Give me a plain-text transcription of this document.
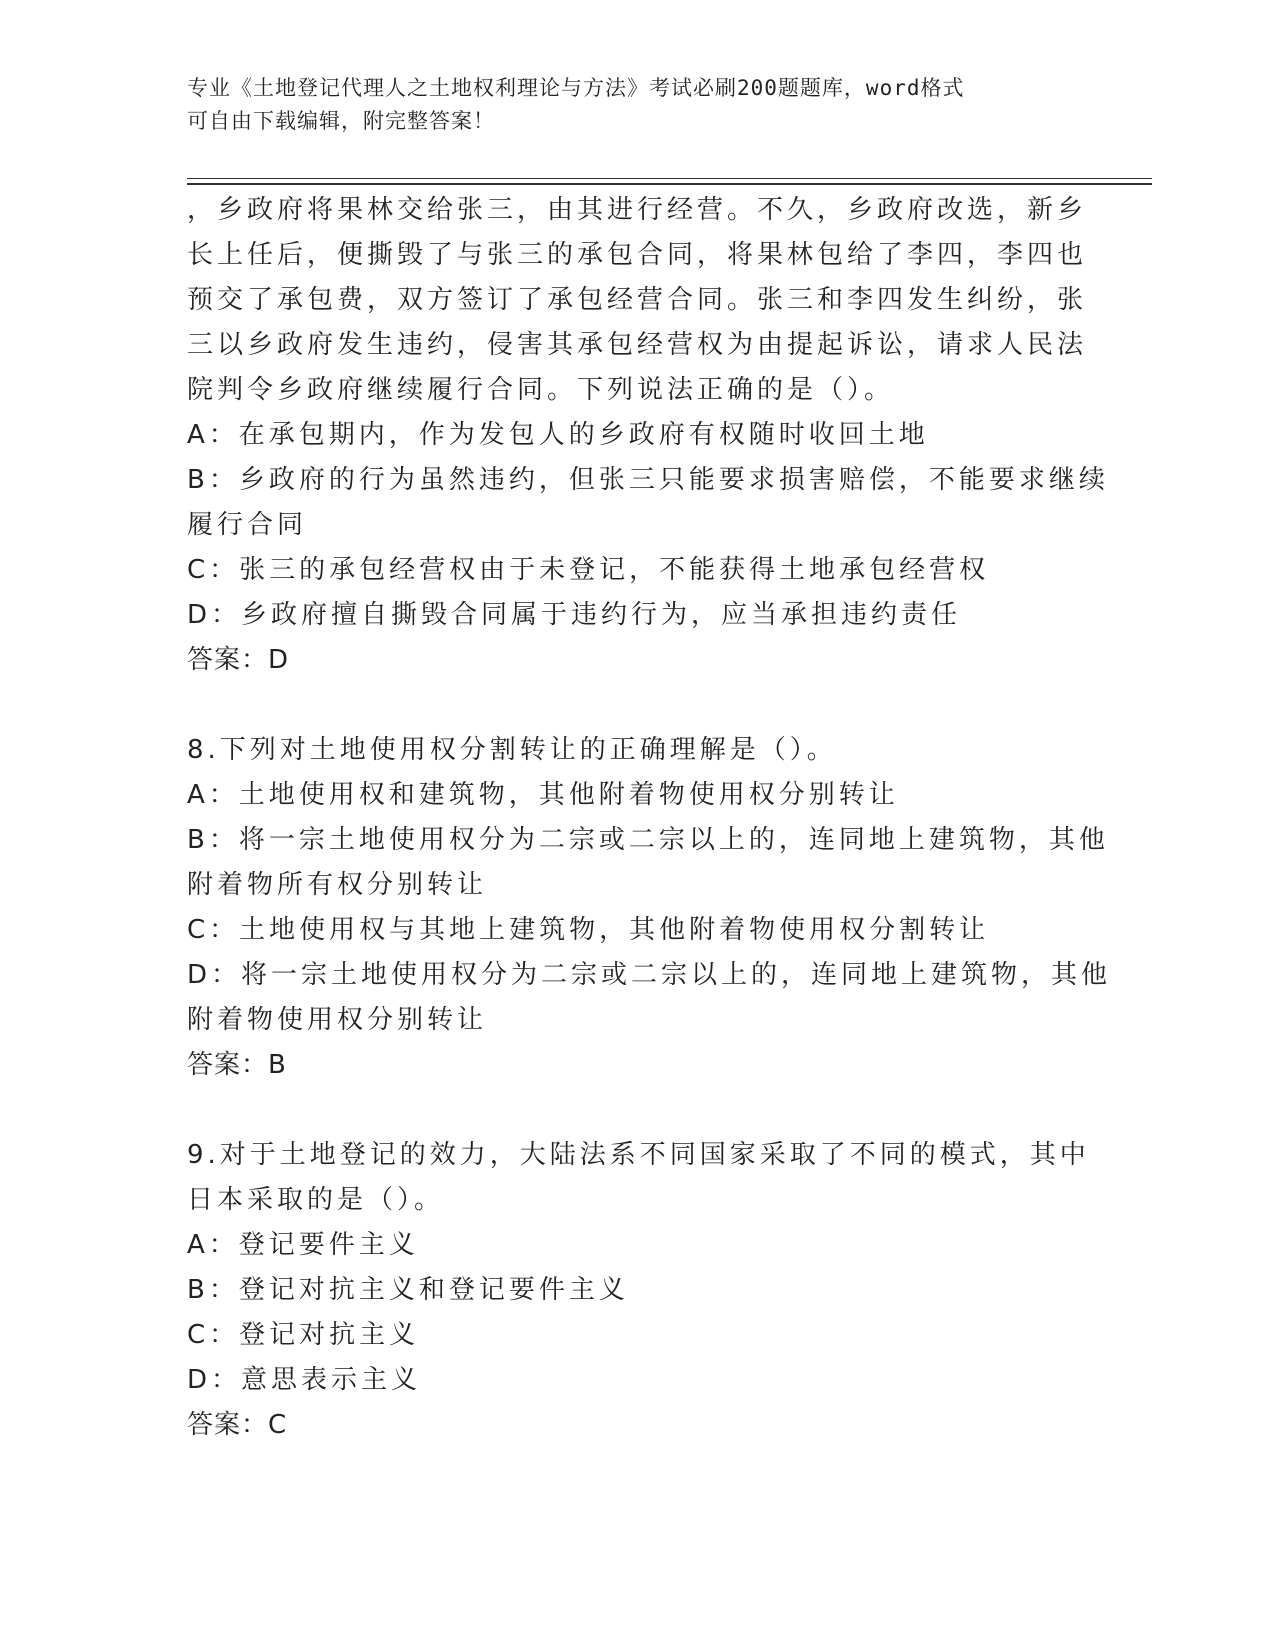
专业《土地登记代理人之土地权利理论与方法》考试必刷200题题库，word格式
可自由下载编辑，附完整答案！
，乡政府将果林交给张三，由其进行经营。不久，乡政府改选，新乡
长上任后，便撕毁了与张三的承包合同，将果林包给了李四，李四也
预交了承包费，双方签订了承包经营合同。张三和李四发生纠纷，张
三以乡政府发生违约，侵害其承包经营权为由提起诉讼，请求人民法
院判令乡政府继续履行合同。下列说法正确的是（）。
A：在承包期内，作为发包人的乡政府有权随时收回土地
B：乡政府的行为虽然违约，但张三只能要求损害赔偿，不能要求继续
履行合同
C：张三的承包经营权由于未登记，不能获得土地承包经营权
D：乡政府擅自撕毁合同属于违约行为，应当承担违约责任
答案：D
8.下列对土地使用权分割转让的正确理解是（）。
A：土地使用权和建筑物，其他附着物使用权分别转让
B：将一宗土地使用权分为二宗或二宗以上的，连同地上建筑物，其他
附着物所有权分别转让
C：土地使用权与其地上建筑物，其他附着物使用权分割转让
D：将一宗土地使用权分为二宗或二宗以上的，连同地上建筑物，其他
附着物使用权分别转让
答案：B
9.对于土地登记的效力，大陆法系不同国家采取了不同的模式，其中
日本采取的是（）。
A：登记要件主义
B：登记对抗主义和登记要件主义
C：登记对抗主义
D：意思表示主义
答案：C
